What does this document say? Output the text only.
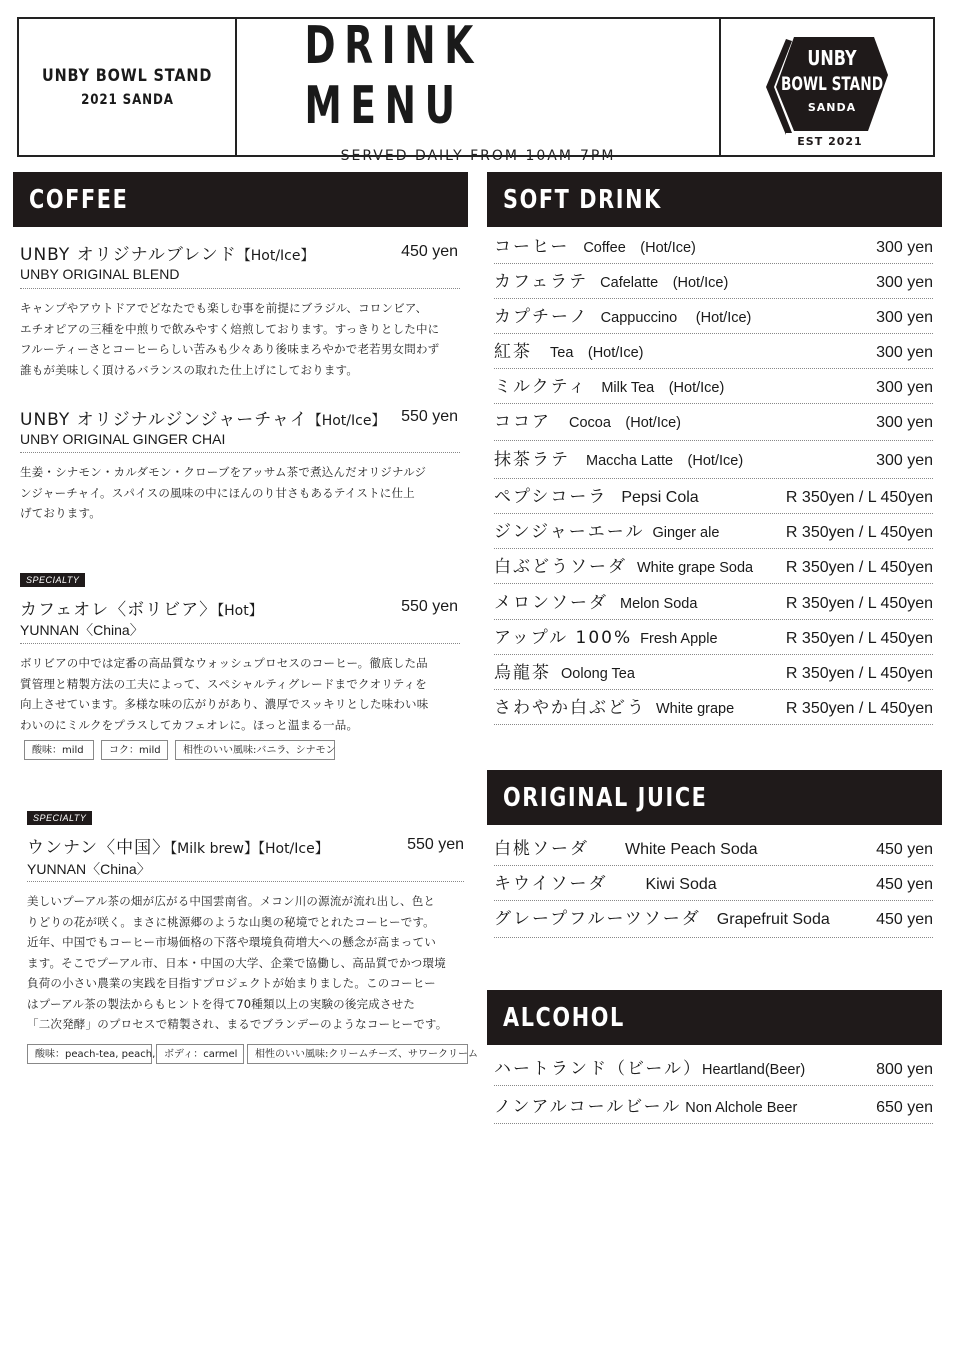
UNBY BOWL STAND
2021 SANDA
DRINK MENU
SERVED DAILY FROM 10AM-7PM
UNBY
BOWL STAND
SANDA
EST 2021
COFFEE
UNBY オリジナルブレンド【Hot/Ice】	450 yen
UNBY ORIGINAL BLEND
キャンプやアウトドアでどなたでも楽しむ事を前提にブラジル、コロンビア、
エチオピアの三種を中煎りで飲みやすく焙煎しております。すっきりとした中に
フルーティーさとコーヒーらしい苦みも少々あり後味まろやかで老若男女問わず
誰もが美味しく頂けるバランスの取れた仕上げにしております。
UNBY オリジナルジンジャーチャイ【Hot/Ice】 550 yen
UNBY ORIGINAL GINGER CHAI
生姜・シナモン・カルダモン・クローブをアッサム茶で煮込んだオリジナルジ
ンジャーチャイ。スパイスの風味の中にほんのり甘さもあるテイストに仕上
げております。
SPECIALTY
カフェオレ〈ボリビア〉【Hot】	550 yen
YUNNAN〈China〉
ボリビアの中では定番の高品質なウォッシュプロセスのコーヒー。徹底した品
質管理と精製方法の工夫によって、スペシャルティグレードまでクオリティを
向上させています。多様な味の広がりがあり、濃厚でスッキリとした味わい味
わいのにミルクをプラスしてカフェオレに。ほっと温まる一品。
酸味：mild	コク：mild	相性のいい風味:バニラ、シナモン
SPECIALTY
ウンナン〈中国〉【Milk brew】【Hot/Ice】	550 yen
YUNNAN〈China〉
美しいプーアル茶の畑が広がる中国雲南省。メコン川の源流が流れ出し、色と
りどりの花が咲く。まさに桃源郷のような山奥の秘境でとれたコーヒーです。
近年、中国でもコーヒー市場価格の下落や環境負荷増大への懸念が高まってい
ます。そこでプーアル市、日本・中国の大学、企業で協働し、高品質でかつ環境
負荷の小さい農業の実践を目指すプロジェクトが始まりました。このコーヒー
はプーアル茶の製法からもヒントを得て70種類以上の実験の後完成させた
「二次発酵」のプロセスで精製され、まるでブランデーのようなコーヒーです。
酸味：peach-tea, peach, ボディ：carmel	相性のいい風味:クリームチーズ、サワークリーム
SOFT DRINK
コーヒー Coffee　(Hot/Ice)	300 yen
カフェラテ Cafelatte　(Hot/Ice)	300 yen
カプチーノ Cappuccino　 (Hot/Ice)	300 yen
紅茶 Tea　(Hot/Ice)	300 yen
ミルクティ Milk Tea　(Hot/Ice)	300 yen
ココア Cocoa　(Hot/Ice)	300 yen
抹茶ラテ Maccha Latte　(Hot/Ice)	300 yen
ペプシコーラ Pepsi Cola	R 350yen / L 450yen
ジンジャーエール Ginger ale	R 350yen / L 450yen
白ぶどうソーダ White grape Soda R 350yen / L 450yen
メロンソーダ Melon Soda	R 350yen / L 450yen
アップル 100% Fresh Apple	R 350yen / L 450yen
烏龍茶 Oolong Tea	R 350yen / L 450yen
さわやか白ぶどう White grape	R 350yen / L 450yen
ORIGINAL JUICE
白桃ソーダ White Peach Soda	450 yen
キウイソーダ Kiwi Soda	450 yen
グレープフルーツソーダ Grapefruit Soda	450 yen
ALCOHOL
ハートランド（ビール） Heartland(Beer)	800 yen
ノンアルコールビール Non Alchole Beer	650 yen
